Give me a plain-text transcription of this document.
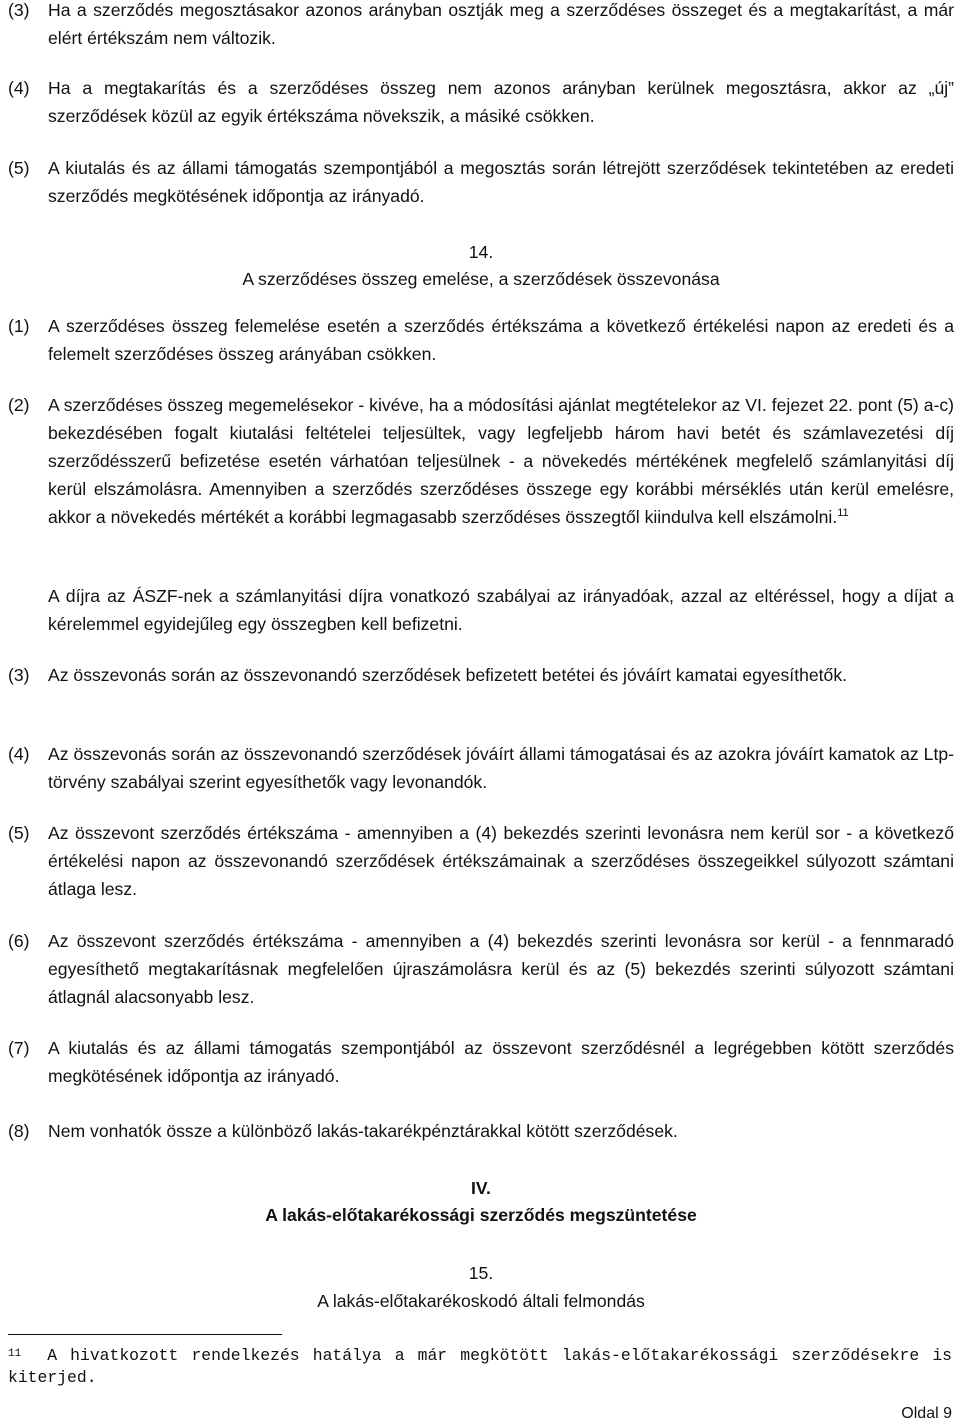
(3) Ha a szerződés megosztásakor azonos arányban osztják meg a szerződéses összeget és a megtakarítást, a már elért értékszám nem változik.

(4) Ha a megtakarítás és a szerződéses összeg nem azonos arányban kerülnek megosztásra, akkor az „új” szerződések közül az egyik értékszáma növekszik, a másiké csökken.

(5) A kiutalás és az állami támogatás szempontjából a megosztás során létrejött szerződések tekintetében az eredeti szerződés megkötésének időpontja az irányadó.

14.

A szerződéses összeg emelése, a szerződések összevonása

(1) A szerződéses összeg felemelése esetén a szerződés értékszáma a következő értékelési napon az eredeti és a felemelt szerződéses összeg arányában csökken.

(2) A szerződéses összeg megemelésekor - kivéve, ha a módosítási ajánlat megtételekor az VI. fejezet 22. pont (5) a-c) bekezdésében fogalt kiutalási feltételei teljesültek, vagy legfeljebb három havi betét és számlavezetési díj szerződésszerű befizetése esetén várhatóan teljesülnek - a növekedés mértékének megfelelő számlanyitási díj kerül elszámolásra. Amennyiben a szerződés szerződéses összege egy korábbi mérséklés után kerül emelésre, akkor a növekedés mértékét a korábbi legmagasabb szerződéses összegtől kiindulva kell elszámolni.$^{11}$

A díjra az ÁSZF-nek a számlanyitási díjra vonatkozó szabályai az irányadóak, azzal az eltéréssel, hogy a díjat a kérelemmel egyidejűleg egy összegben kell befizetni.

(3) Az összevonás során az összevonandó szerződések befizetett betétei és jóváírt kamatai egyesíthetők.

(4) Az összevonás során az összevonandó szerződések jóváírt állami támogatásai és az azokra jóváírt kamatok az Ltp-törvény szabályai szerint egyesíthetők vagy levonandók.

(5) Az összevont szerződés értékszáma - amennyiben a (4) bekezdés szerinti levonásra nem kerül sor - a következő értékelési napon az összevonandó szerződések értékszámainak a szerződéses összegeikkel súlyozott számtani átlaga lesz.

(6) Az összevont szerződés értékszáma - amennyiben a (4) bekezdés szerinti levonásra sor kerül - a fennmaradó egyesíthető megtakarításnak megfelelően újraszámolásra kerül és az (5) bekezdés szerinti súlyozott számtani átlagnál alacsonyabb lesz.

(7) A kiutalás és az állami támogatás szempontjából az összevont szerződésnél a legrégebben kötött szerződés megkötésének időpontja az irányadó.

(8) Nem vonhatók össze a különböző lakás-takarékpénztárakkal kötött szerződések.

IV.

A lakás-előtakarékossági szerződés megszüntetése

15.

A lakás-előtakarékoskodó általi felmondás

$^{11}$ A hivatkozott rendelkezés hatálya a már megkötött lakás-előtakarékossági szerződésekre is kiterjed.

Oldal 9
